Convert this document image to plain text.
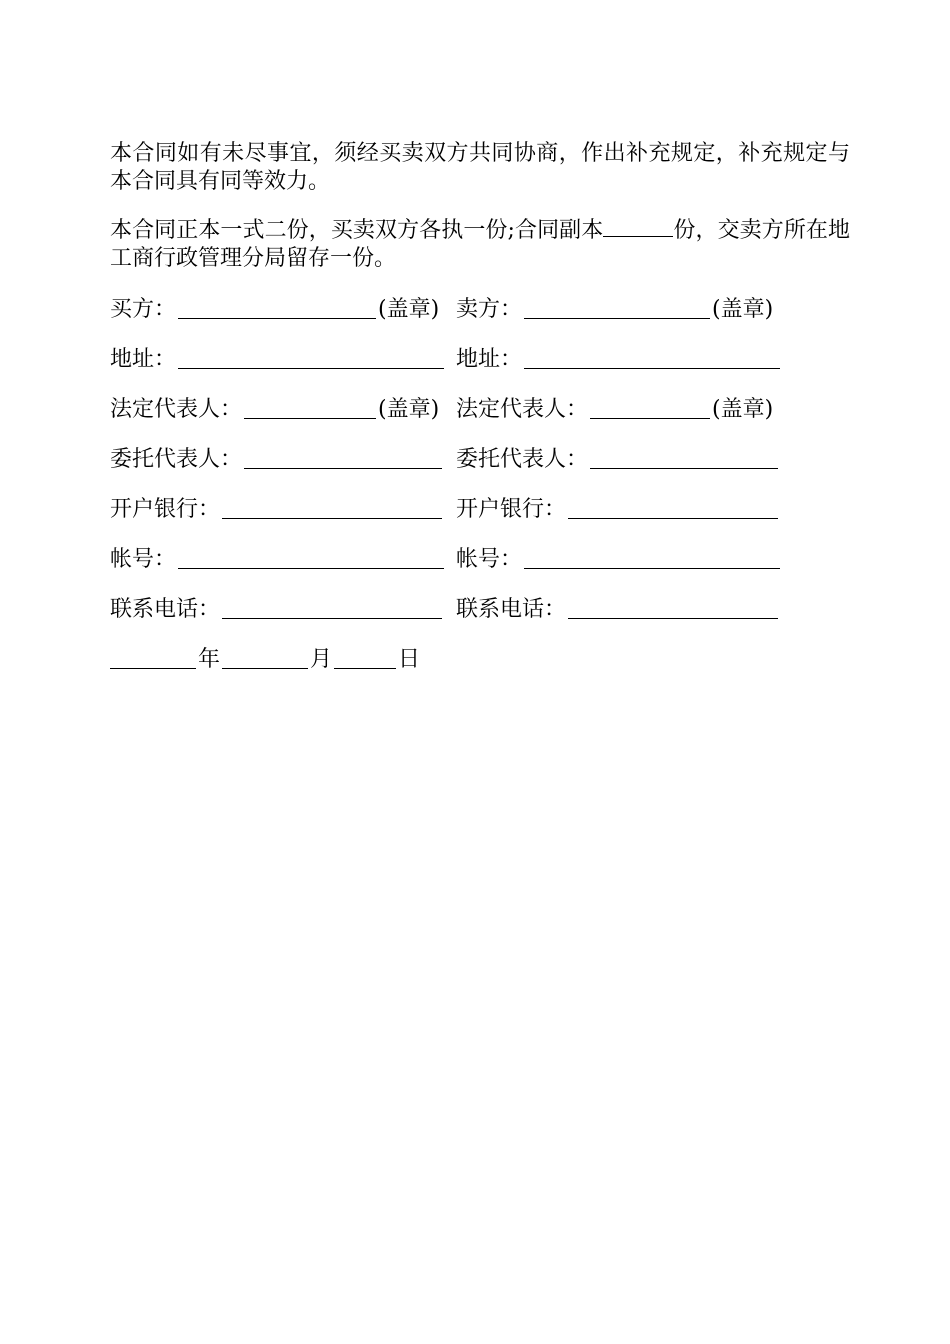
本合同如有未尽事宜，须经买卖双方共同协商，作出补充规定，补充规定与本合同具有同等效力。

本合同正本一式二份，买卖双方各执一份;合同副本	份，交卖方所在地工商行政管理分局留存一份。

买方：	(盖章) 卖方：	(盖章)
地址：	地址：
法定代表人：	(盖章) 法定代表人：	(盖章)
委托代表人：	委托代表人：
开户银行：	开户银行：
帐号：	帐号：
联系电话：	联系电话：
年	月	日
